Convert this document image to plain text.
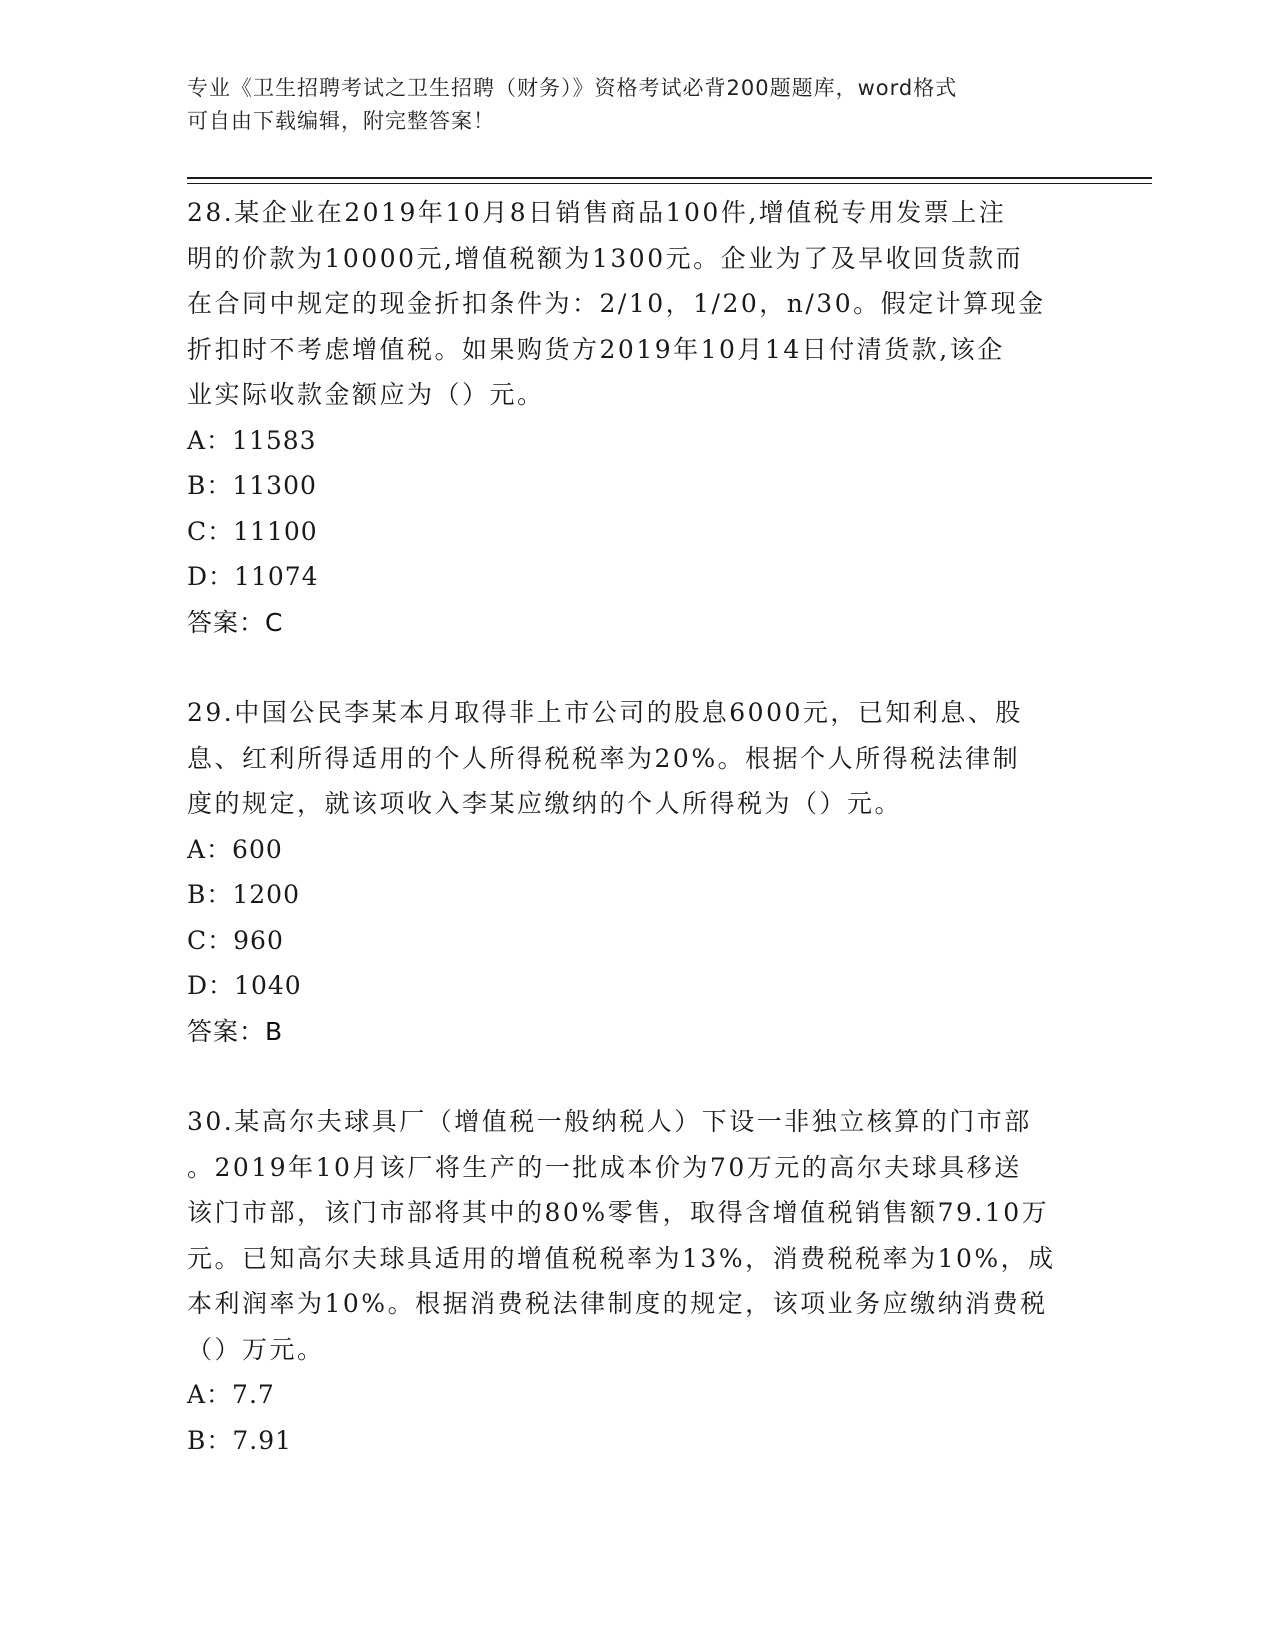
专业《卫生招聘考试之卫生招聘（财务）》资格考试必背200题题库，word格式
可自由下载编辑，附完整答案！
28.某企业在2019年10月8日销售商品100件,增值税专用发票上注
明的价款为10000元,增值税额为1300元。企业为了及早收回货款而
在合同中规定的现金折扣条件为：2/10，1/20，n/30。假定计算现金
折扣时不考虑增值税。如果购货方2019年10月14日付清货款,该企
业实际收款金额应为（）元。
A：11583
B：11300
C：11100
D：11074
答案：C
29.中国公民李某本月取得非上市公司的股息6000元，已知利息、股
息、红利所得适用的个人所得税税率为20%。根据个人所得税法律制
度的规定，就该项收入李某应缴纳的个人所得税为（）元。
A：600
B：1200
C：960
D：1040
答案：B
30.某高尔夫球具厂（增值税一般纳税人）下设一非独立核算的门市部
。2019年10月该厂将生产的一批成本价为70万元的高尔夫球具移送
该门市部，该门市部将其中的80%零售，取得含增值税销售额79.10万
元。已知高尔夫球具适用的增值税税率为13%，消费税税率为10%，成
本利润率为10%。根据消费税法律制度的规定，该项业务应缴纳消费税
（）万元。
A：7.7
B：7.91
